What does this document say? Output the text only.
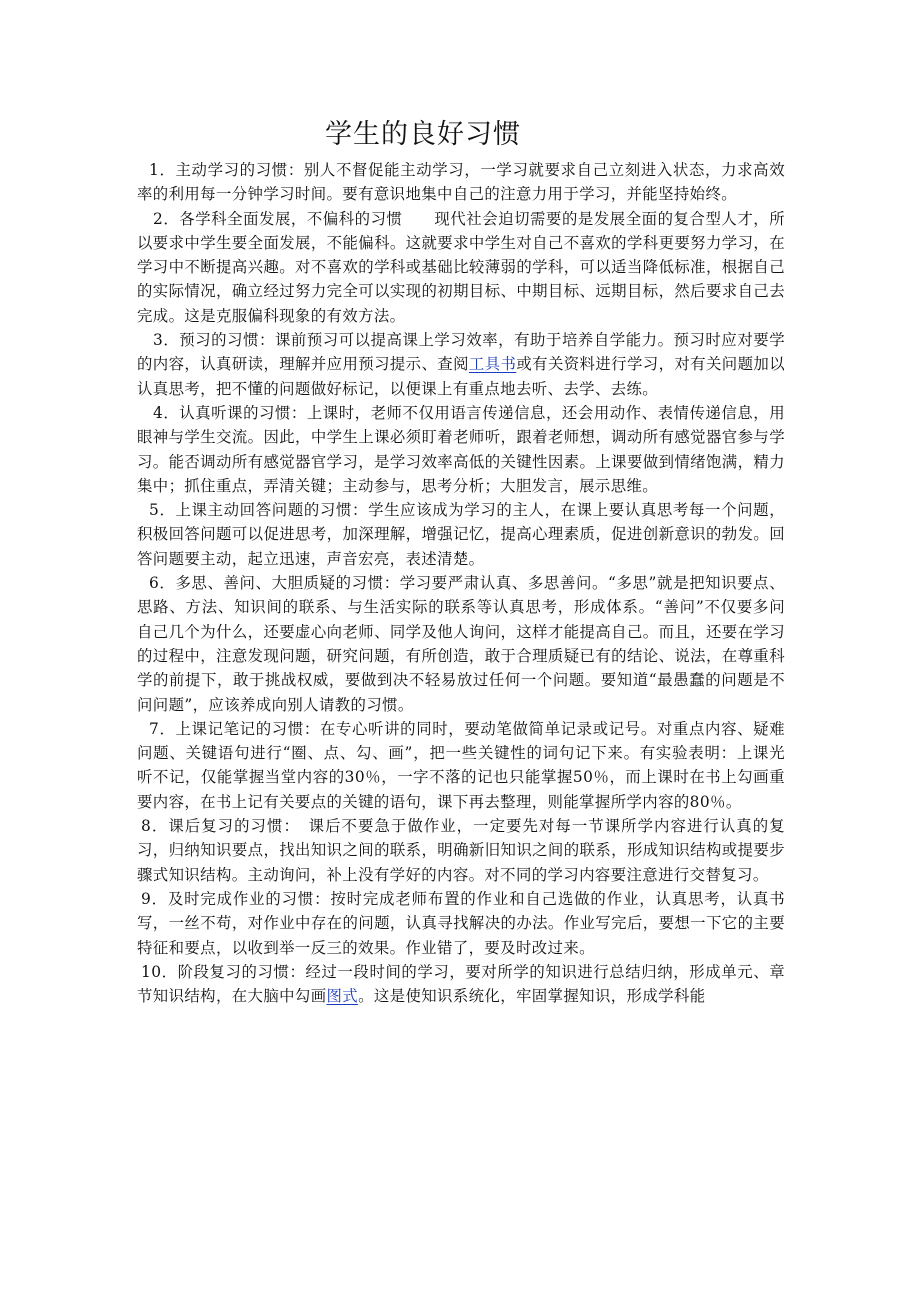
学生的良好习惯

1．主动学习的习惯：别人不督促能主动学习，一学习就要求自己立刻进入状态，力求高效率的利用每一分钟学习时间。要有意识地集中自己的注意力用于学习，并能坚持始终。

2．各学科全面发展，不偏科的习惯　　现代社会迫切需要的是发展全面的复合型人才，所以要求中学生要全面发展，不能偏科。这就要求中学生对自己不喜欢的学科更要努力学习，在学习中不断提高兴趣。对不喜欢的学科或基础比较薄弱的学科，可以适当降低标准，根据自己的实际情况，确立经过努力完全可以实现的初期目标、中期目标、远期目标，然后要求自己去完成。这是克服偏科现象的有效方法。

3．预习的习惯：课前预习可以提高课上学习效率，有助于培养自学能力。预习时应对要学的内容，认真研读，理解并应用预习提示、查阅工具书或有关资料进行学习，对有关问题加以认真思考，把不懂的问题做好标记，以便课上有重点地去听、去学、去练。

4．认真听课的习惯：上课时，老师不仅用语言传递信息，还会用动作、表情传递信息，用眼神与学生交流。因此，中学生上课必须盯着老师听，跟着老师想，调动所有感觉器官参与学习。能否调动所有感觉器官学习，是学习效率高低的关键性因素。上课要做到情绪饱满，精力集中；抓住重点，弄清关键；主动参与，思考分析；大胆发言，展示思维。

5．上课主动回答问题的习惯：学生应该成为学习的主人，在课上要认真思考每一个问题，积极回答问题可以促进思考，加深理解，增强记忆，提高心理素质，促进创新意识的勃发。回答问题要主动，起立迅速，声音宏亮，表述清楚。

6．多思、善问、大胆质疑的习惯：学习要严肃认真、多思善问。“多思”就是把知识要点、思路、方法、知识间的联系、与生活实际的联系等认真思考，形成体系。“善问”不仅要多问自己几个为什么，还要虚心向老师、同学及他人询问，这样才能提高自己。而且，还要在学习的过程中，注意发现问题，研究问题，有所创造，敢于合理质疑已有的结论、说法，在尊重科学的前提下，敢于挑战权威，要做到决不轻易放过任何一个问题。要知道“最愚蠢的问题是不问问题”，应该养成向别人请教的习惯。

7．上课记笔记的习惯：在专心听讲的同时，要动笔做简单记录或记号。对重点内容、疑难问题、关键语句进行“圈、点、勾、画”，把一些关键性的词句记下来。有实验表明：上课光听不记，仅能掌握当堂内容的30％，一字不落的记也只能掌握50％，而上课时在书上勾画重要内容，在书上记有关要点的关键的语句，课下再去整理，则能掌握所学内容的80％。

8．课后复习的习惯：　课后不要急于做作业，一定要先对每一节课所学内容进行认真的复习，归纳知识要点，找出知识之间的联系，明确新旧知识之间的联系，形成知识结构或提要步骤式知识结构。主动询问，补上没有学好的内容。对不同的学习内容要注意进行交替复习。

9．及时完成作业的习惯：按时完成老师布置的作业和自己选做的作业，认真思考，认真书写，一丝不苟，对作业中存在的问题，认真寻找解决的办法。作业写完后，要想一下它的主要特征和要点，以收到举一反三的效果。作业错了，要及时改过来。

10．阶段复习的习惯：经过一段时间的学习，要对所学的知识进行总结归纳，形成单元、章节知识结构，在大脑中勾画图式。这是使知识系统化，牢固掌握知识，形成学科能
